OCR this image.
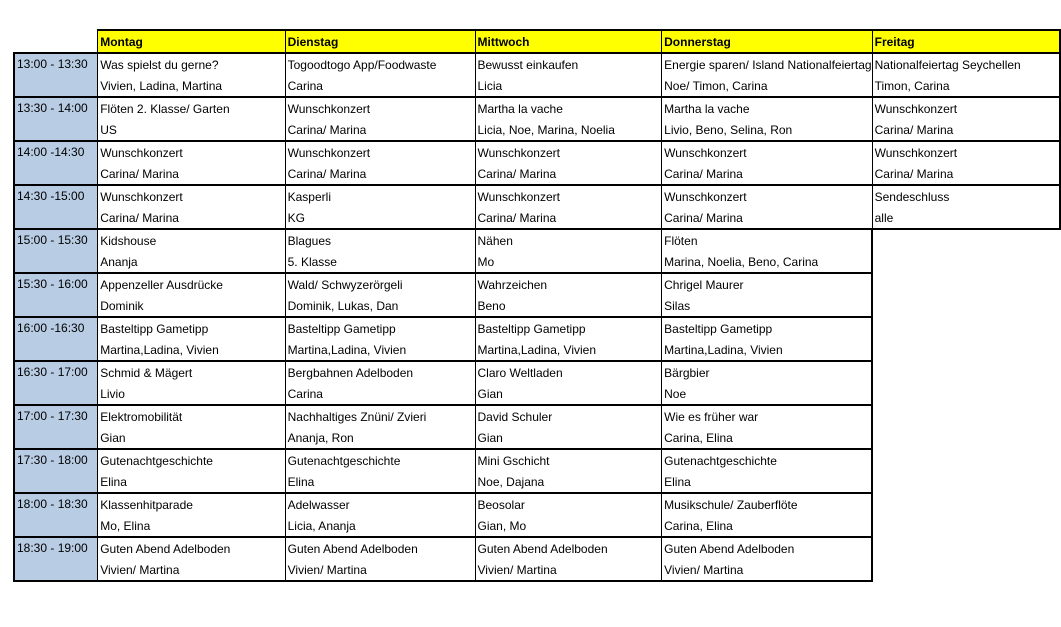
	Montag	Dienstag	Mittwoch	Donnerstag	Freitag
13:00 - 13:30	Was spielst du gerne?	Togoodtogo App/Foodwaste	Bewusst einkaufen	Energie sparen/ Island Nationalfeiertag	Nationalfeiertag Seychellen
	Vivien, Ladina, Martina	Carina	Licia	Noe/ Timon, Carina	Timon, Carina
13:30 - 14:00	Flöten 2. Klasse/ Garten	Wunschkonzert	Martha la vache	Martha la vache	Wunschkonzert
	US	Carina/ Marina	Licia, Noe, Marina, Noelia	Livio, Beno, Selina, Ron	Carina/ Marina
14:00 -14:30	Wunschkonzert	Wunschkonzert	Wunschkonzert	Wunschkonzert	Wunschkonzert
	Carina/ Marina	Carina/ Marina	Carina/ Marina	Carina/ Marina	Carina/ Marina
14:30 -15:00	Wunschkonzert	Kasperli	Wunschkonzert	Wunschkonzert	Sendeschluss
	Carina/ Marina	KG	Carina/ Marina	Carina/ Marina	alle
15:00 - 15:30	Kidshouse	Blagues	Nähen	Flöten	
	Ananja	5. Klasse	Mo	Marina, Noelia, Beno, Carina	
15:30 - 16:00	Appenzeller Ausdrücke	Wald/ Schwyzerörgeli	Wahrzeichen	Chrigel Maurer	
	Dominik	Dominik, Lukas, Dan	Beno	Silas	
16:00 -16:30	Basteltipp Gametipp	Basteltipp Gametipp	Basteltipp Gametipp	Basteltipp Gametipp	
	Martina,Ladina, Vivien	Martina,Ladina, Vivien	Martina,Ladina, Vivien	Martina,Ladina, Vivien	
16:30 - 17:00	Schmid & Mägert	Bergbahnen Adelboden	Claro Weltladen	Bärgbier	
	Livio	Carina	Gian	Noe	
17:00 - 17:30	Elektromobilität	Nachhaltiges Znüni/ Zvieri	David Schuler	Wie es früher war	
	Gian	Ananja, Ron	Gian	Carina, Elina	
17:30 - 18:00	Gutenachtgeschichte	Gutenachtgeschichte	Mini Gschicht	Gutenachtgeschichte	
	Elina	Elina	Noe, Dajana	Elina	
18:00 - 18:30	Klassenhitparade	Adelwasser	Beosolar	Musikschule/ Zauberflöte	
	Mo, Elina	Licia, Ananja	Gian, Mo	Carina, Elina	
18:30 - 19:00	Guten Abend Adelboden	Guten Abend Adelboden	Guten Abend Adelboden	Guten Abend Adelboden	
	Vivien/ Martina	Vivien/ Martina	Vivien/ Martina	Vivien/ Martina	
